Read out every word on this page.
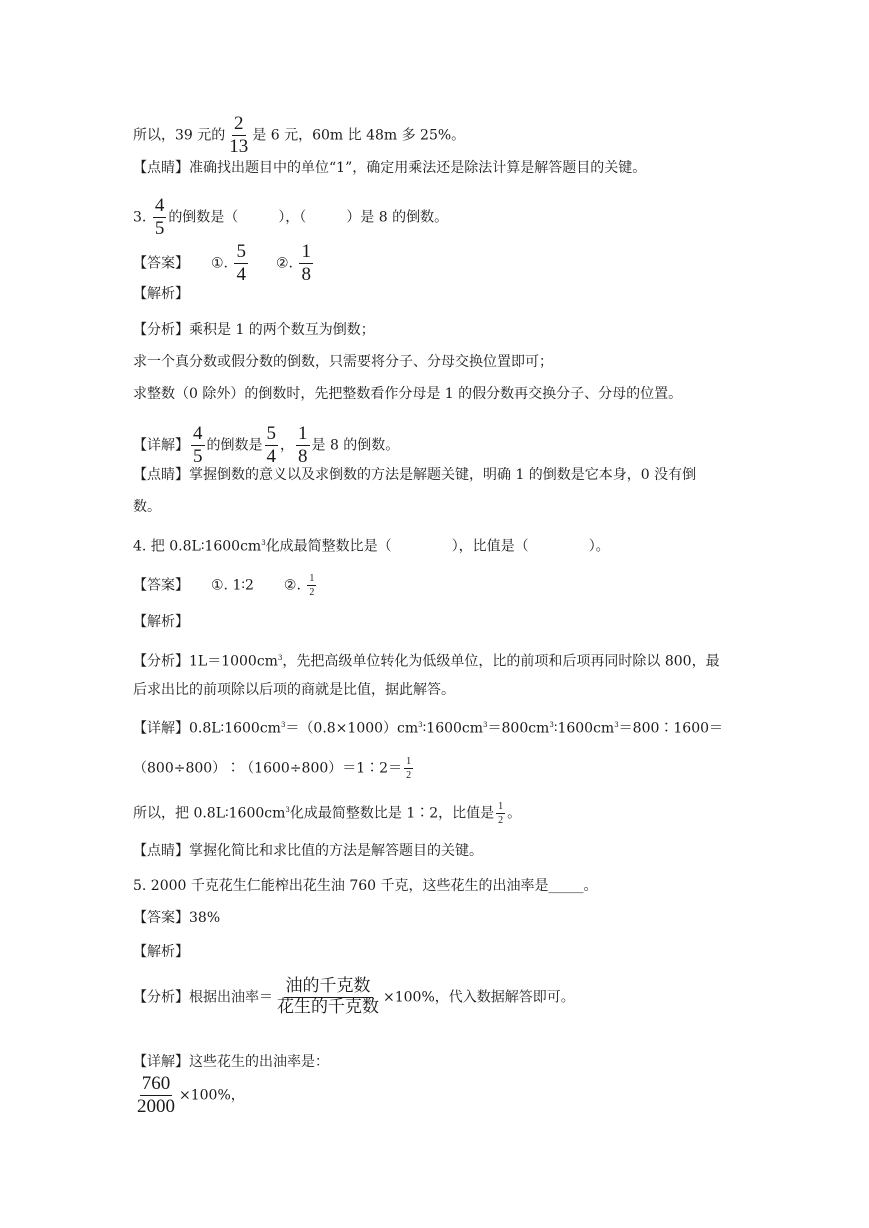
所以，39 元的 $\frac{2}{13}$ 是 6 元，60m 比 48m 多 25%。
【点睛】准确找出题目中的单位“1”，确定用乘法还是除法计算是解答题目的关键。
3. $\frac{4}{5}$ 的倒数是（	），（	）是 8 的倒数。
【答案】 ①. $\frac{5}{4}$ ②. $\frac{1}{8}$
【解析】
【分析】乘积是 1 的两个数互为倒数；
求一个真分数或假分数的倒数，只需要将分子、分母交换位置即可；
求整数（0 除外）的倒数时，先把整数看作分母是 1 的假分数再交换分子、分母的位置。
【详解】 $\frac{4}{5}$ 的倒数是 $\frac{5}{4}$ ， $\frac{1}{8}$ 是 8 的倒数。
【点睛】掌握倒数的意义以及求倒数的方法是解题关键，明确 1 的倒数是它本身，0 没有倒
数。
4. 把 $0.8L∶1600cm^3$化成最简整数比是（	），比值是（	）。
【答案】 ①. 1∶2 ②. $\frac{1}{2}$
【解析】
【分析】$1L=1000cm^3$，先把高级单位转化为低级单位，比的前项和后项再同时除以 800，最
后求出比的前项除以后项的商就是比值，据此解答。
【详解】$0.8L∶1600cm^3=(0.8\times 1000)cm^3∶1600cm^3=800cm^3∶1600cm^3=800∶1600=$
（800÷800）∶（1600÷800）＝1∶2＝ $\frac{1}{2}$
所以，把 $0.8L∶1600cm^3$化成最简整数比是 1∶2，比值是 $\frac{1}{2}$ 。
【点睛】掌握化简比和求比值的方法是解答题目的关键。
5. 2000 千克花生仁能榨出花生油 760 千克，这些花生的出油率是_____。
【答案】38%
【解析】
【分析】根据出油率＝ $\frac{\text{油的千克数}}{\text{花生的千克数}} \times 100\%$，代入数据解答即可。
【详解】这些花生的出油率是：
$\frac{760}{2000} \times 100\%$，
